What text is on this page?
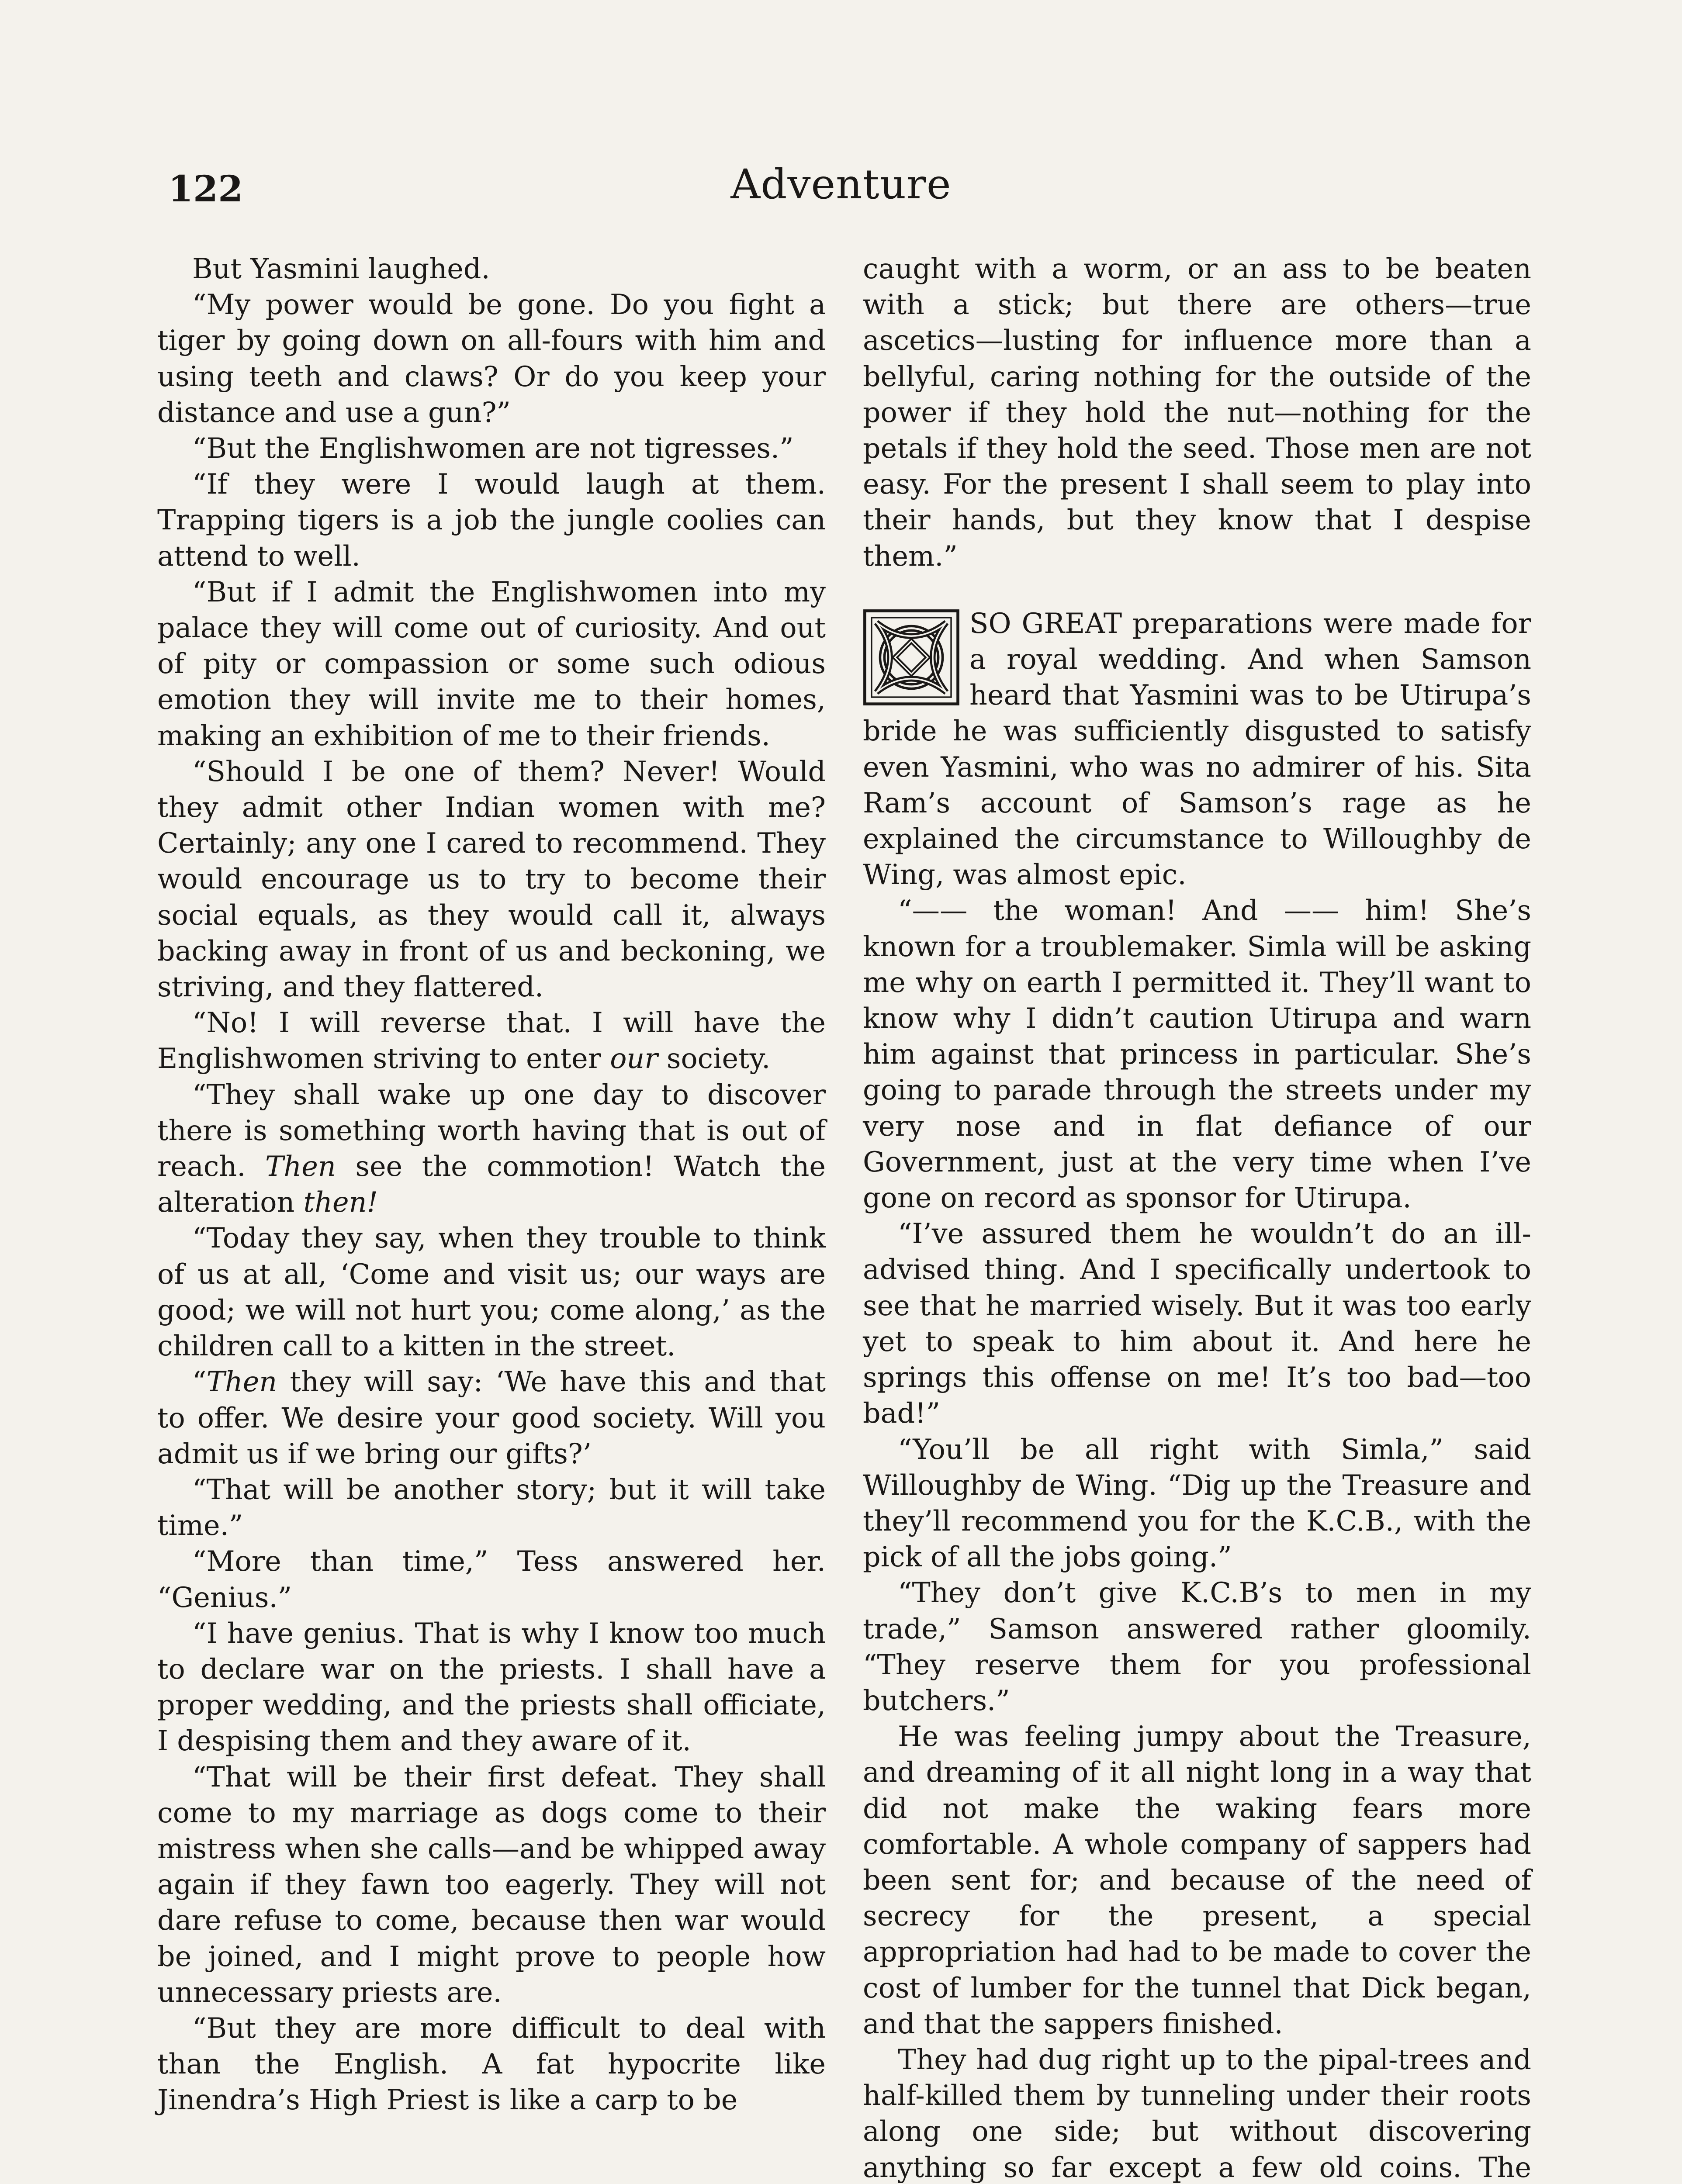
122	Adventure

But Yasmini laughed.

“My power would be gone. Do you fight a tiger by going down on all-fours with him and using teeth and claws? Or do you keep your distance and use a gun?”

“But the Englishwomen are not tigresses.”

“If they were I would laugh at them. Trapping tigers is a job the jungle coolies can attend to well.

“But if I admit the Englishwomen into my palace they will come out of curiosity. And out of pity or compassion or some such odious emotion they will invite me to their homes, making an exhibition of me to their friends.

“Should I be one of them? Never! Would they admit other Indian women with me? Certainly; any one I cared to recommend. They would encourage us to try to become their social equals, as they would call it, always backing away in front of us and beckoning, we striving, and they flattered.

“No! I will reverse that. I will have the Englishwomen striving to enter our society.

“They shall wake up one day to discover there is something worth having that is out of reach. Then see the commotion! Watch the alteration then!

“Today they say, when they trouble to think of us at all, ‘Come and visit us; our ways are good; we will not hurt you; come along,’ as the children call to a kitten in the street.

“Then they will say: ‘We have this and that to offer. We desire your good society. Will you admit us if we bring our gifts?’

“That will be another story; but it will take time.”

“More than time,” Tess answered her. “Genius.”

“I have genius. That is why I know too much to declare war on the priests. I shall have a proper wedding, and the priests shall officiate, I despising them and they aware of it.

“That will be their first defeat. They shall come to my marriage as dogs come to their mistress when she calls—and be whipped away again if they fawn too eagerly. They will not dare refuse to come, because then war would be joined, and I might prove to people how unnecessary priests are.

“But they are more difficult to deal with than the English. A fat hypocrite like Jinendra’s High Priest is like a carp to be

caught with a worm, or an ass to be beaten with a stick; but there are others—true ascetics—lusting for influence more than a bellyful, caring nothing for the outside of the power if they hold the nut—nothing for the petals if they hold the seed. Those men are not easy. For the present I shall seem to play into their hands, but they know that I despise them.”

SO GREAT preparations were made for a royal wedding. And when Samson heard that Yasmini was to be Utirupa’s bride he was sufficiently disgusted to satisfy even Yasmini, who was no admirer of his. Sita Ram’s account of Samson’s rage as he explained the circumstance to Willoughby de Wing, was almost epic.

“—— the woman! And —— him! She’s known for a troublemaker. Simla will be asking me why on earth I permitted it. They’ll want to know why I didn’t caution Utirupa and warn him against that princess in particular. She’s going to parade through the streets under my very nose and in flat defiance of our Government, just at the very time when I’ve gone on record as sponsor for Utirupa.

“I’ve assured them he wouldn’t do an ill-advised thing. And I specifically undertook to see that he married wisely. But it was too early yet to speak to him about it. And here he springs this offense on me! It’s too bad—too bad!”

“You’ll be all right with Simla,” said Willoughby de Wing. “Dig up the Treasure and they’ll recommend you for the K.C.B., with the pick of all the jobs going.”

“They don’t give K.C.B’s to men in my trade,” Samson answered rather gloomily. “They reserve them for you professional butchers.”

He was feeling jumpy about the Treasure, and dreaming of it all night long in a way that did not make the waking fears more comfortable. A whole company of sappers had been sent for; and because of the need of secrecy for the present, a special appropriation had had to be made to cover the cost of lumber for the tunnel that Dick began, and that the sappers finished.

They had dug right up to the pipal-trees and half-killed them by tunneling under their roots along one side; but without discovering anything so far except a few old coins. The
